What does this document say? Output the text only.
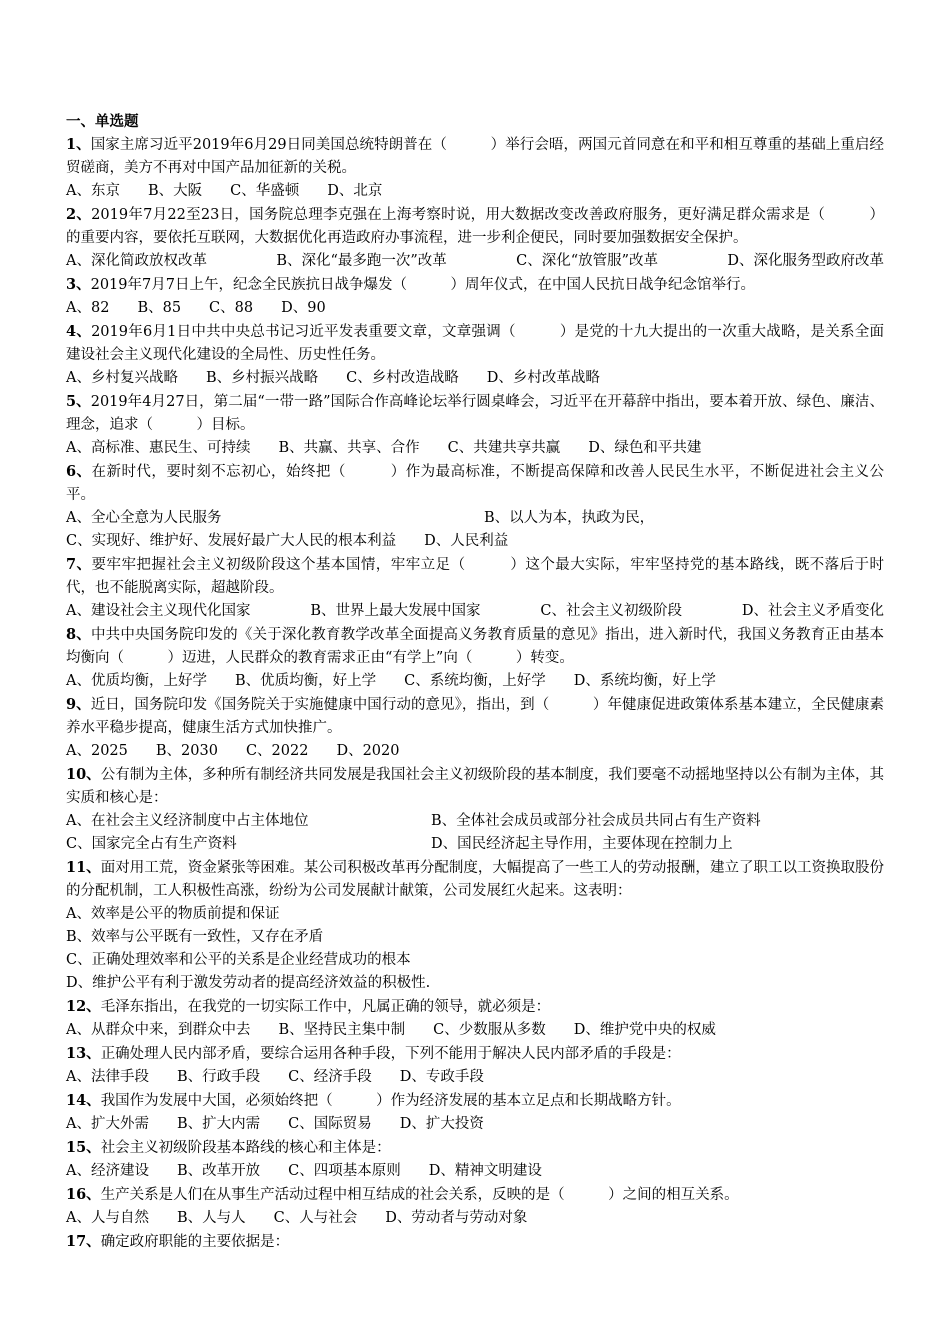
一、单选题
1、国家主席习近平2019年6月29日同美国总统特朗普在（　　　）举行会晤，两国元首同意在和平和相互尊重的基础上重启经贸磋商，美方不再对中国产品加征新的关税。
A、东京 B、大阪 C、华盛顿 D、北京
2、2019年7月22至23日，国务院总理李克强在上海考察时说，用大数据改变改善政府服务，更好满足群众需求是（　　　）的重要内容，要依托互联网，大数据优化再造政府办事流程，进一步利企便民，同时要加强数据安全保护。
A、深化简政放权改革	B、深化“最多跑一次”改革	C、深化“放管服”改革	D、深化服务型政府改革
3、2019年7月7日上午，纪念全民族抗日战争爆发（　　　）周年仪式，在中国人民抗日战争纪念馆举行。
A、82 B、85 C、88 D、90
4、2019年6月1日中共中央总书记习近平发表重要文章，文章强调（　　　）是党的十九大提出的一次重大战略，是关系全面建设社会主义现代化建设的全局性、历史性任务。
A、乡村复兴战略 B、乡村振兴战略 C、乡村改造战略 D、乡村改革战略
5、2019年4月27日，第二届“一带一路”国际合作高峰论坛举行圆桌峰会，习近平在开幕辞中指出，要本着开放、绿色、廉洁、理念，追求（　　　）目标。
A、高标准、惠民生、可持续 B、共赢、共享、合作 C、共建共享共赢 D、绿色和平共建
6、在新时代，要时刻不忘初心，始终把（　　　）作为最高标准，不断提高保障和改善人民民生水平，不断促进社会主义公平。
A、全心全意为人民服务	B、以人为本，执政为民，
C、实现好、维护好、发展好最广大人民的根本利益 D、人民利益
7、要牢牢把握社会主义初级阶段这个基本国情，牢牢立足（　　　）这个最大实际，牢牢坚持党的基本路线，既不落后于时代，也不能脱离实际，超越阶段。
A、建设社会主义现代化国家	B、世界上最大发展中国家	C、社会主义初级阶段	D、社会主义矛盾变化
8、中共中央国务院印发的《关于深化教育教学改革全面提高义务教育质量的意见》指出，进入新时代，我国义务教育正由基本均衡向（　　　）迈进，人民群众的教育需求正由“有学上”向（　　　）转变。
A、优质均衡，上好学 B、优质均衡，好上学 C、系统均衡，上好学 D、系统均衡，好上学
9、近日，国务院印发《国务院关于实施健康中国行动的意见》，指出，到（　　　）年健康促进政策体系基本建立，全民健康素养水平稳步提高，健康生活方式加快推广。
A、2025 B、2030 C、2022 D、2020
10、公有制为主体，多种所有制经济共同发展是我国社会主义初级阶段的基本制度，我们要毫不动摇地坚持以公有制为主体，其实质和核心是：
A、在社会主义经济制度中占主体地位	B、全体社会成员或部分社会成员共同占有生产资料
C、国家完全占有生产资料	D、国民经济起主导作用，主要体现在控制力上
11、面对用工荒，资金紧张等困难。某公司积极改革再分配制度，大幅提高了一些工人的劳动报酬，建立了职工以工资换取股份的分配机制，工人积极性高涨，纷纷为公司发展献计献策，公司发展红火起来。这表明：
A、效率是公平的物质前提和保证
B、效率与公平既有一致性，又存在矛盾
C、正确处理效率和公平的关系是企业经营成功的根本
D、维护公平有利于激发劳动者的提高经济效益的积极性.
12、毛泽东指出，在我党的一切实际工作中，凡属正确的领导，就必须是：
A、从群众中来，到群众中去 B、坚持民主集中制 C、少数服从多数 D、维护党中央的权威
13、正确处理人民内部矛盾，要综合运用各种手段，下列不能用于解决人民内部矛盾的手段是：
A、法律手段 B、行政手段 C、经济手段 D、专政手段
14、我国作为发展中大国，必须始终把（　　　）作为经济发展的基本立足点和长期战略方针。
A、扩大外需 B、扩大内需 C、国际贸易 D、扩大投资
15、社会主义初级阶段基本路线的核心和主体是：
A、经济建设 B、改革开放 C、四项基本原则 D、精神文明建设
16、生产关系是人们在从事生产活动过程中相互结成的社会关系，反映的是（　　　）之间的相互关系。
A、人与自然 B、人与人 C、人与社会 D、劳动者与劳动对象
17、确定政府职能的主要依据是：
